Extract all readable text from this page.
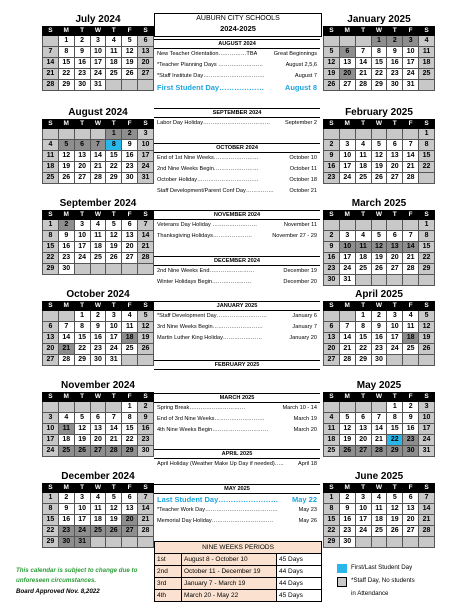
July 2024
S	M	T	W	T	F	S
	1	2	3	4	5	6
7	8	9	10	11	12	13
14	15	16	17	18	19	20
21	22	23	24	25	26	27
28	29	30	31			
August 2024
S	M	T	W	T	F	S
				1	2	3
4	5	6	7	8	9	10
11	12	13	14	15	16	17
18	19	20	21	22	23	24
25	26	27	28	29	30	31
September 2024
S	M	T	W	T	F	S
1	2	3	4	5	6	7
8	9	10	11	12	13	14
15	16	17	18	19	20	21
22	23	24	25	26	27	28
29	30					
October 2024
S	M	T	W	T	F	S
		1	2	3	4	5
6	7	8	9	10	11	12
13	14	15	16	17	18	19
20	21	22	23	24	25	26
27	28	29	30	31		
November 2024
S	M	T	W	T	F	S
					1	2
3	4	5	6	7	8	9
10	11	12	13	14	15	16
17	18	19	20	21	22	23
24	25	26	27	28	29	30
December 2024
S	M	T	W	T	F	S
1	2	3	4	5	6	7
8	9	10	11	12	13	14
15	16	17	18	19	20	21
22	23	24	25	26	27	28
29	30	31				
January 2025
S	M	T	W	T	F	S
			1	2	3	4
5	6	7	8	9	10	11
12	13	14	15	16	17	18
19	20	21	22	23	24	25
26	27	28	29	30	31	
February 2025
S	M	T	W	T	F	S
						1
2	3	4	5	6	7	8
9	10	11	12	13	14	15
16	17	18	19	20	21	22
23	24	25	26	27	28	
March 2025
S	M	T	W	T	F	S
						1
2	3	4	5	6	7	8
9	10	11	12	13	14	15
16	17	18	19	20	21	22
23	24	25	26	27	28	29
30	31					
April 2025
S	M	T	W	T	F	S
		1	2	3	4	5
6	7	8	9	10	11	12
13	14	15	16	17	18	19
20	21	22	23	24	25	26
27	28	29	30			
May 2025
S	M	T	W	T	F	S
				1	2	3
4	5	6	7	8	9	10
11	12	13	14	15	16	17
18	19	20	21	22	23	24
25	26	27	28	29	30	31
June 2025
S	M	T	W	T	F	S
1	2	3	4	5	6	7
8	9	10	11	12	13	14
15	16	17	18	19	20	21
22	23	24	25	26	27	28
29	30					
AUBURN CITY SCHOOLS
2024-2025
AUGUST 2024
New Teacher Orientation……………TBA	Great Beginnings
*Teacher Planning Days ……………………	August 2,5,6
*Staff Institute Day……………………………	August 7
First Student Day………………	August 8
SEPTEMBER 2024
Labor Day Holiday………………………………	September 2
OCTOBER 2024
End of 1st Nine Weeks……………………	October 10
2nd Nine Weeks Begin……………………	October 11
October Holiday……………………………	October 18
Staff Development/Parent Conf Day……………	October 21
NOVEMBER 2024
Veterans Day Holiday ……………………	November 11
Thanksgiving Holidays…………………	November 27 - 29
DECEMBER 2024
2nd Nine Weeks End……………………	December 19
Winter Holidays Begin…………………	December 20
JANUARY 2025
*Staff Development Day………………………	January 6
3rd Nine Weeks Begin………………………	January 7
Martin Luther King Holiday…………………	January 20
FEBRUARY 2025
MARCH 2025
Spring Break…………………………	March 10 - 14
End of 3rd Nine Weeks………………………	March 19
4th Nine Weeks Begin…………………………	March 20
APRIL 2025
April Holiday (Weather Make Up Day if needed)…..	April 18
MAY 2025
Last Student Day…………………… May 22
*Teacher Work Day…………………………………	May 23
Memorial Day Holiday……………………………	May 26
NINE WEEKS PERIODS
1st	August 8 - October 10	45 Days
2nd	October 11 - December 19	44 Days
3rd	January 7 - March 19	44 Days
4th	March 20 - May 22	45 Days
This calendar is subject to change due to unforeseen circumstances.
Board Approved Nov. 8,2022
First/Last Student Day
*Staff Day, No students
in Attendance
